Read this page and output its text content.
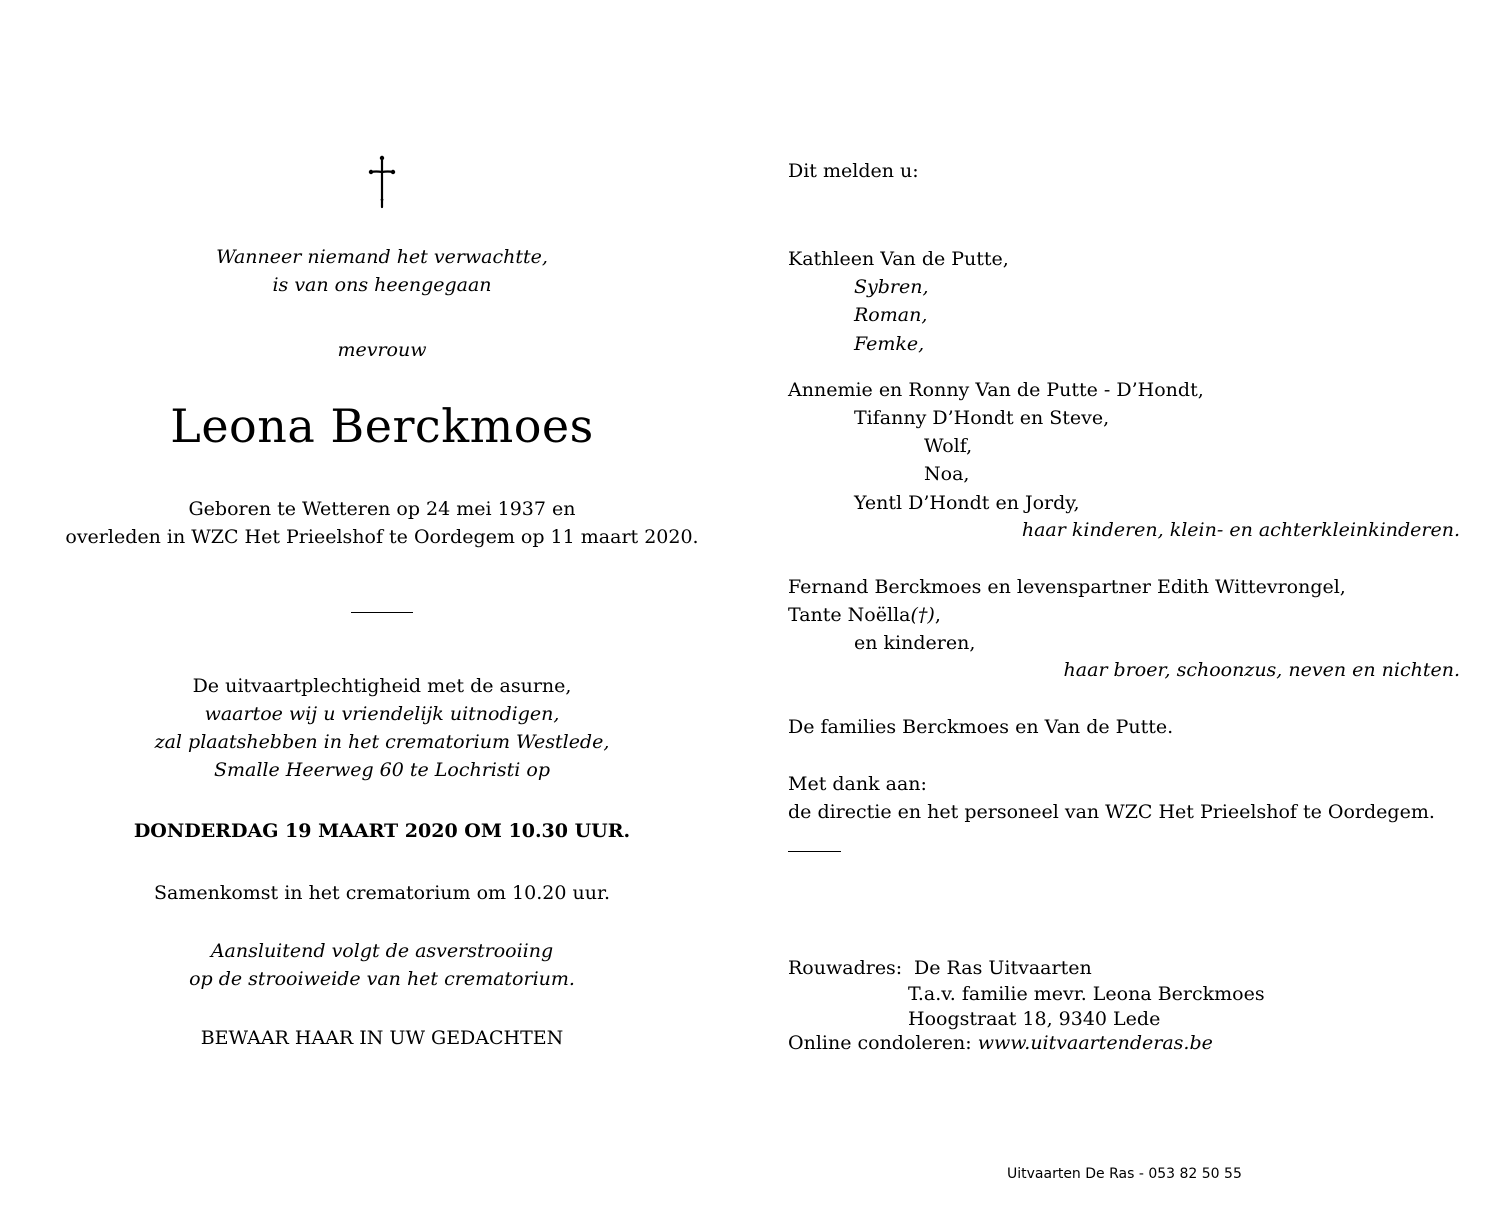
Wanneer niemand het verwachtte,
is van ons heengegaan
mevrouw
Leona Berckmoes
Geboren te Wetteren op 24 mei 1937 en
overleden in WZC Het Prieelshof te Oordegem op 11 maart 2020.
De uitvaartplechtigheid met de asurne,
waartoe wij u vriendelijk uitnodigen,
zal plaatshebben in het crematorium Westlede,
Smalle Heerweg 60 te Lochristi op
DONDERDAG 19 MAART 2020 OM 10.30 UUR.
Samenkomst in het crematorium om 10.20 uur.
Aansluitend volgt de asverstrooiing
op de strooiweide van het crematorium.
BEWAAR HAAR IN UW GEDACHTEN
Dit melden u:
Kathleen Van de Putte,
Sybren,
Roman,
Femke,
Annemie en Ronny Van de Putte - D’Hondt,
Tifanny D’Hondt en Steve,
Wolf,
Noa,
Yentl D’Hondt en Jordy,
haar kinderen, klein- en achterkleinkinderen.
Fernand Berckmoes en levenspartner Edith Wittevrongel,
Tante Noëlla(†),
en kinderen,
haar broer, schoonzus, neven en nichten.
De families Berckmoes en Van de Putte.
Met dank aan:
de directie en het personeel van WZC Het Prieelshof te Oordegem.
Rouwadres: De Ras Uitvaarten
T.a.v. familie mevr. Leona Berckmoes
Hoogstraat 18, 9340 Lede
Online condoleren: www.uitvaartenderas.be
Uitvaarten De Ras - 053 82 50 55
